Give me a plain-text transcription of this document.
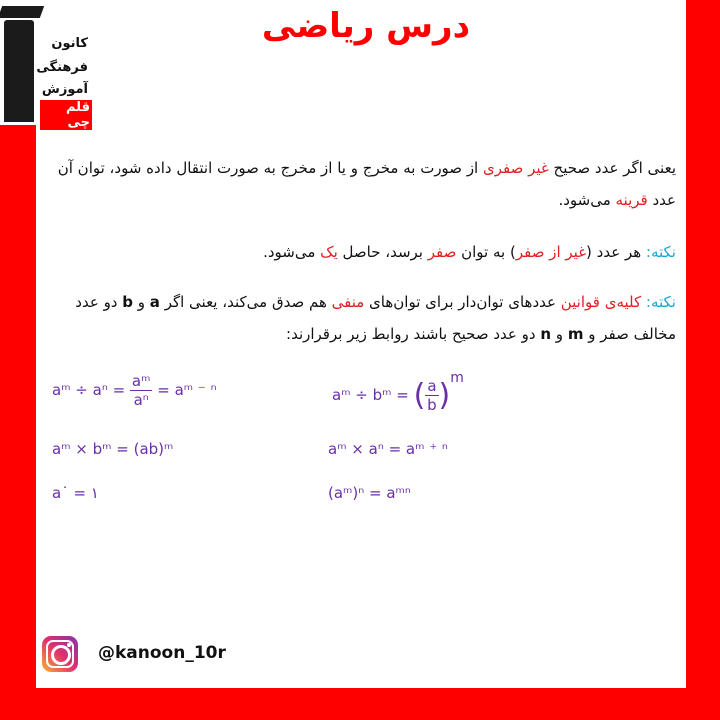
درس ریاضی
کانون
فرهنگی
آموزش
قلم چی
یعنی اگر عدد صحیح غیر صفری از صورت به مخرج و یا از مخرج به صورت انتقال داده شود، توان آن عدد قرینه می‌شود.
نکته: هر عدد (غیر از صفر) به توان صفر برسد، حاصل یک می‌شود.
نکته: کلیه‌ی قوانین عددهای توان‌دار برای توان‌های منفی هم صدق می‌کند، یعنی اگر a و b دو عدد مخالف صفر و m و n دو عدد صحیح باشند روابط زیر برقرارند:
aᵐ ÷ $a^n = \frac{\text{aᵐ}}{\text{aⁿ}}$ = aᵐ ⁻ ⁿ	aᵐ ÷ bᵐ = ( $\frac{a}{b} )^m$
aᵐ × bᵐ = (ab)ᵐ	aᵐ × aⁿ = aᵐ ⁺ ⁿ
a˙ = ١	(aᵐ)ⁿ = aᵐⁿ
@kanoon_10r
